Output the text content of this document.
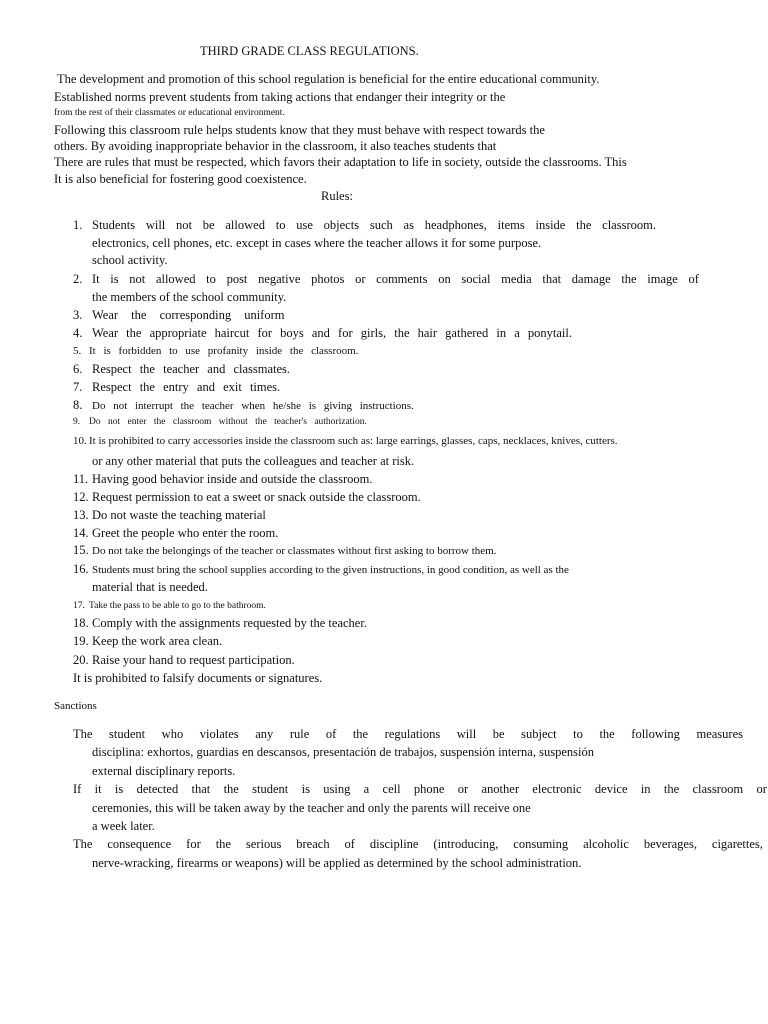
THIRD GRADE CLASS REGULATIONS.
The development and promotion of this school regulation is beneficial for the entire educational community.
Established norms prevent students from taking actions that endanger their integrity or the
from the rest of their classmates or educational environment.
Following this classroom rule helps students know that they must behave with respect towards the
others. By avoiding inappropriate behavior in the classroom, it also teaches students that
There are rules that must be respected, which favors their adaptation to life in society, outside the classrooms. This
It is also beneficial for fostering good coexistence.
Rules:
1. Students will not be allowed to use objects such as headphones, items inside the classroom.
electronics, cell phones, etc. except in cases where the teacher allows it for some purpose.
school activity.
2. It is not allowed to post negative photos or comments on social media that damage the image of
the members of the school community.
3. Wear the corresponding uniform
4. Wear the appropriate haircut for boys and for girls, the hair gathered in a ponytail.
5. It is forbidden to use profanity inside the classroom.
6. Respect the teacher and classmates.
7. Respect the entry and exit times.
8. Do not interrupt the teacher when he/she is giving instructions.
9. Do not enter the classroom without the teacher's authorization.
10. It is prohibited to carry accessories inside the classroom such as: large earrings, glasses, caps, necklaces, knives, cutters.
or any other material that puts the colleagues and teacher at risk.
11. Having good behavior inside and outside the classroom.
12. Request permission to eat a sweet or snack outside the classroom.
13. Do not waste the teaching material
14. Greet the people who enter the room.
15. Do not take the belongings of the teacher or classmates without first asking to borrow them.
16. Students must bring the school supplies according to the given instructions, in good condition, as well as the
material that is needed.
17. Take the pass to be able to go to the bathroom.
18. Comply with the assignments requested by the teacher.
19. Keep the work area clean.
20. Raise your hand to request participation.
It is prohibited to falsify documents or signatures.
Sanctions
The student who violates any rule of the regulations will be subject to the following measures
disciplina: exhortos, guardias en descansos, presentación de trabajos, suspensión interna, suspensión
external disciplinary reports.
If it is detected that the student is using a cell phone or another electronic device in the classroom or
ceremonies, this will be taken away by the teacher and only the parents will receive one
a week later.
The consequence for the serious breach of discipline (introducing, consuming alcoholic beverages, cigarettes,
nerve-wracking, firearms or weapons) will be applied as determined by the school administration.
